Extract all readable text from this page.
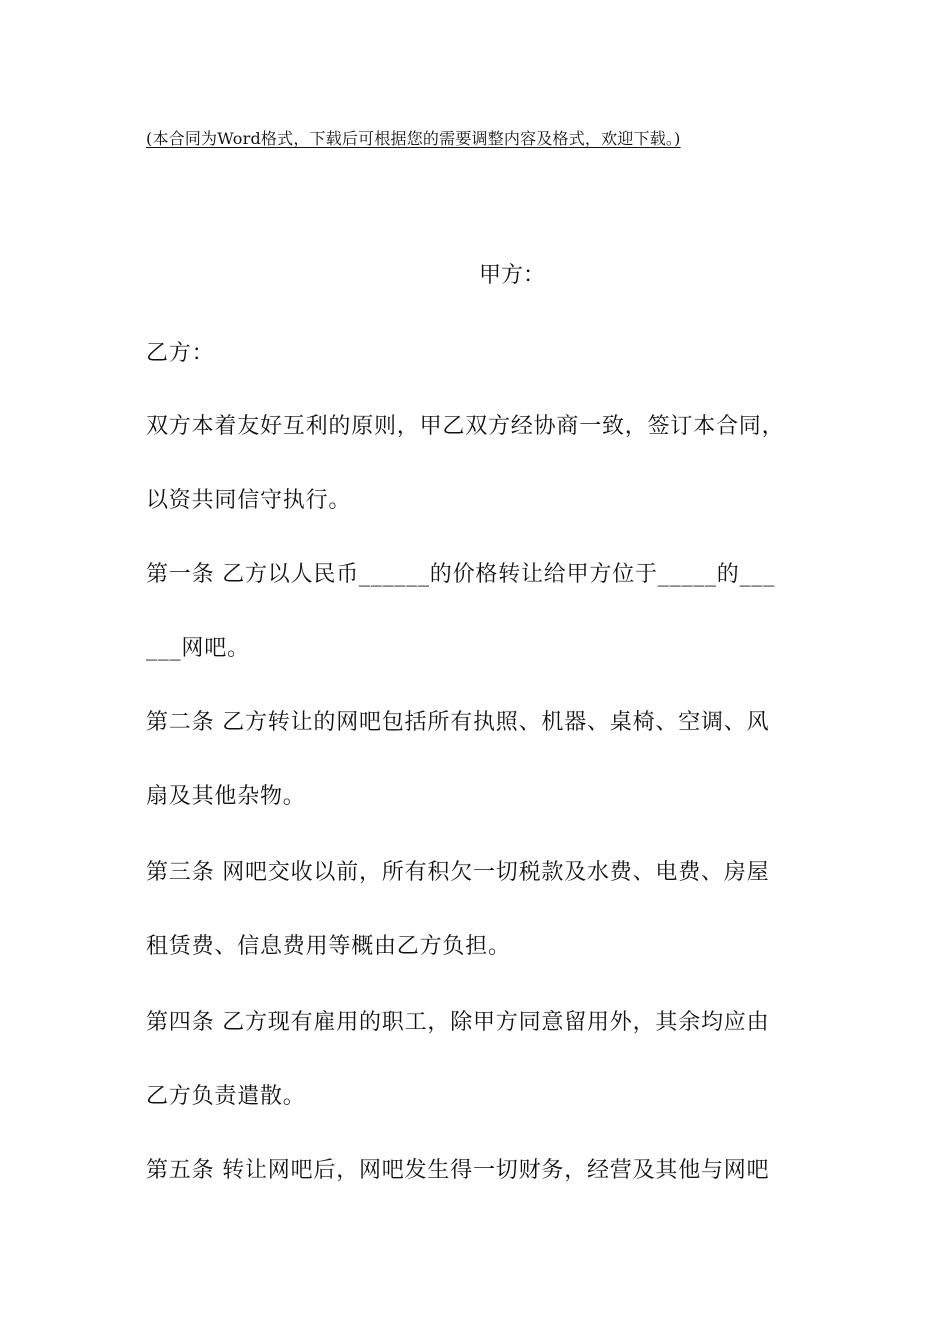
(本合同为Word格式，下载后可根据您的需要调整内容及格式，欢迎下载。)
甲方：
乙方：
双方本着友好互利的原则，甲乙双方经协商一致，签订本合同，
以资共同信守执行。
第一条 乙方以人民币______的价格转让给甲方位于_____的___
___网吧。
第二条 乙方转让的网吧包括所有执照、机器、桌椅、空调、风
扇及其他杂物。
第三条 网吧交收以前，所有积欠一切税款及水费、电费、房屋
租赁费、信息费用等概由乙方负担。
第四条 乙方现有雇用的职工，除甲方同意留用外，其余均应由
乙方负责遣散。
第五条 转让网吧后，网吧发生得一切财务，经营及其他与网吧
